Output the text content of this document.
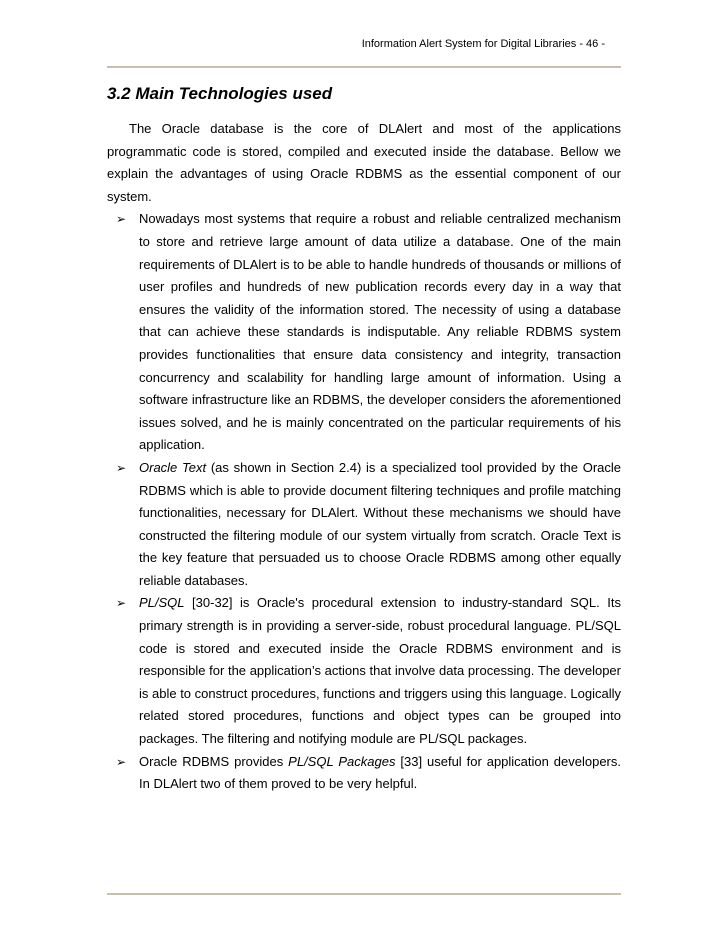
Information Alert System for Digital Libraries - 46 -
3.2 Main Technologies used

The Oracle database is the core of DLAlert and most of the applications programmatic code is stored, compiled and executed inside the database. Bellow we explain the advantages of using Oracle RDBMS as the essential component of our system.

➢ Nowadays most systems that require a robust and reliable centralized mechanism to store and retrieve large amount of data utilize a database. One of the main requirements of DLAlert is to be able to handle hundreds of thousands or millions of user profiles and hundreds of new publication records every day in a way that ensures the validity of the information stored. The necessity of using a database that can achieve these standards is indisputable. Any reliable RDBMS system provides functionalities that ensure data consistency and integrity, transaction concurrency and scalability for handling large amount of information. Using a software infrastructure like an RDBMS, the developer considers the aforementioned issues solved, and he is mainly concentrated on the particular requirements of his application.
➢ Oracle Text (as shown in Section 2.4) is a specialized tool provided by the Oracle RDBMS which is able to provide document filtering techniques and profile matching functionalities, necessary for DLAlert. Without these mechanisms we should have constructed the filtering module of our system virtually from scratch. Oracle Text is the key feature that persuaded us to choose Oracle RDBMS among other equally reliable databases.
➢ PL/SQL [30-32] is Oracle's procedural extension to industry-standard SQL. Its primary strength is in providing a server-side, robust procedural language. PL/SQL code is stored and executed inside the Oracle RDBMS environment and is responsible for the application’s actions that involve data processing. The developer is able to construct procedures, functions and triggers using this language. Logically related stored procedures, functions and object types can be grouped into packages. The filtering and notifying module are PL/SQL packages.
➢ Oracle RDBMS provides PL/SQL Packages [33] useful for application developers. In DLAlert two of them proved to be very helpful.
